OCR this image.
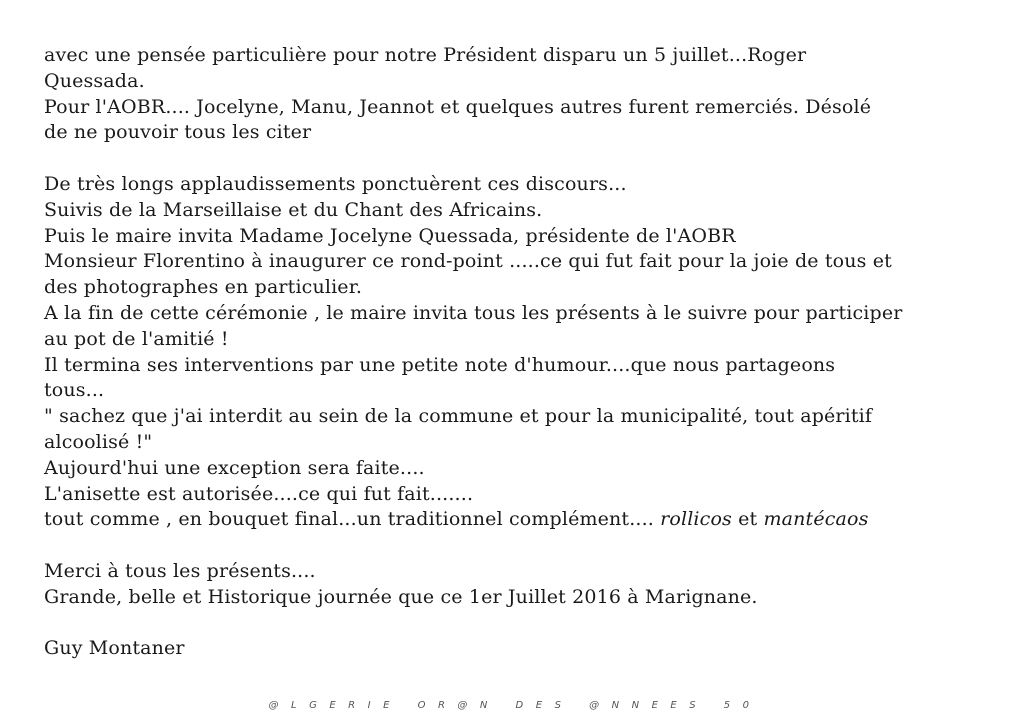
avec une pensée particulière pour notre Président disparu un 5 juillet...Roger
Quessada.
Pour l'AOBR.... Jocelyne, Manu, Jeannot et quelques autres furent remerciés. Désolé
de ne pouvoir tous les citer
De très longs applaudissements ponctuèrent ces discours...
Suivis de la Marseillaise et du Chant des Africains.
Puis le maire invita Madame Jocelyne Quessada, présidente de l'AOBR
Monsieur Florentino à inaugurer ce rond-point .....ce qui fut fait pour la joie de tous et
des photographes en particulier.
A la fin de cette cérémonie , le maire invita tous les présents à le suivre pour participer
au pot de l'amitié !
Il termina ses interventions par une petite note d'humour....que nous partageons
tous...
" sachez que j'ai interdit au sein de la commune et pour la municipalité, tout apéritif
alcoolisé !"
Aujourd'hui une exception sera faite....
L'anisette est autorisée....ce qui fut fait.......
tout comme , en bouquet final...un traditionnel complément.... rollicos et mantécaos
Merci à tous les présents....
Grande, belle et Historique journée que ce 1er Juillet 2016 à Marignane.
Guy Montaner
@LGERIE OR@N DES @NNEES 50
